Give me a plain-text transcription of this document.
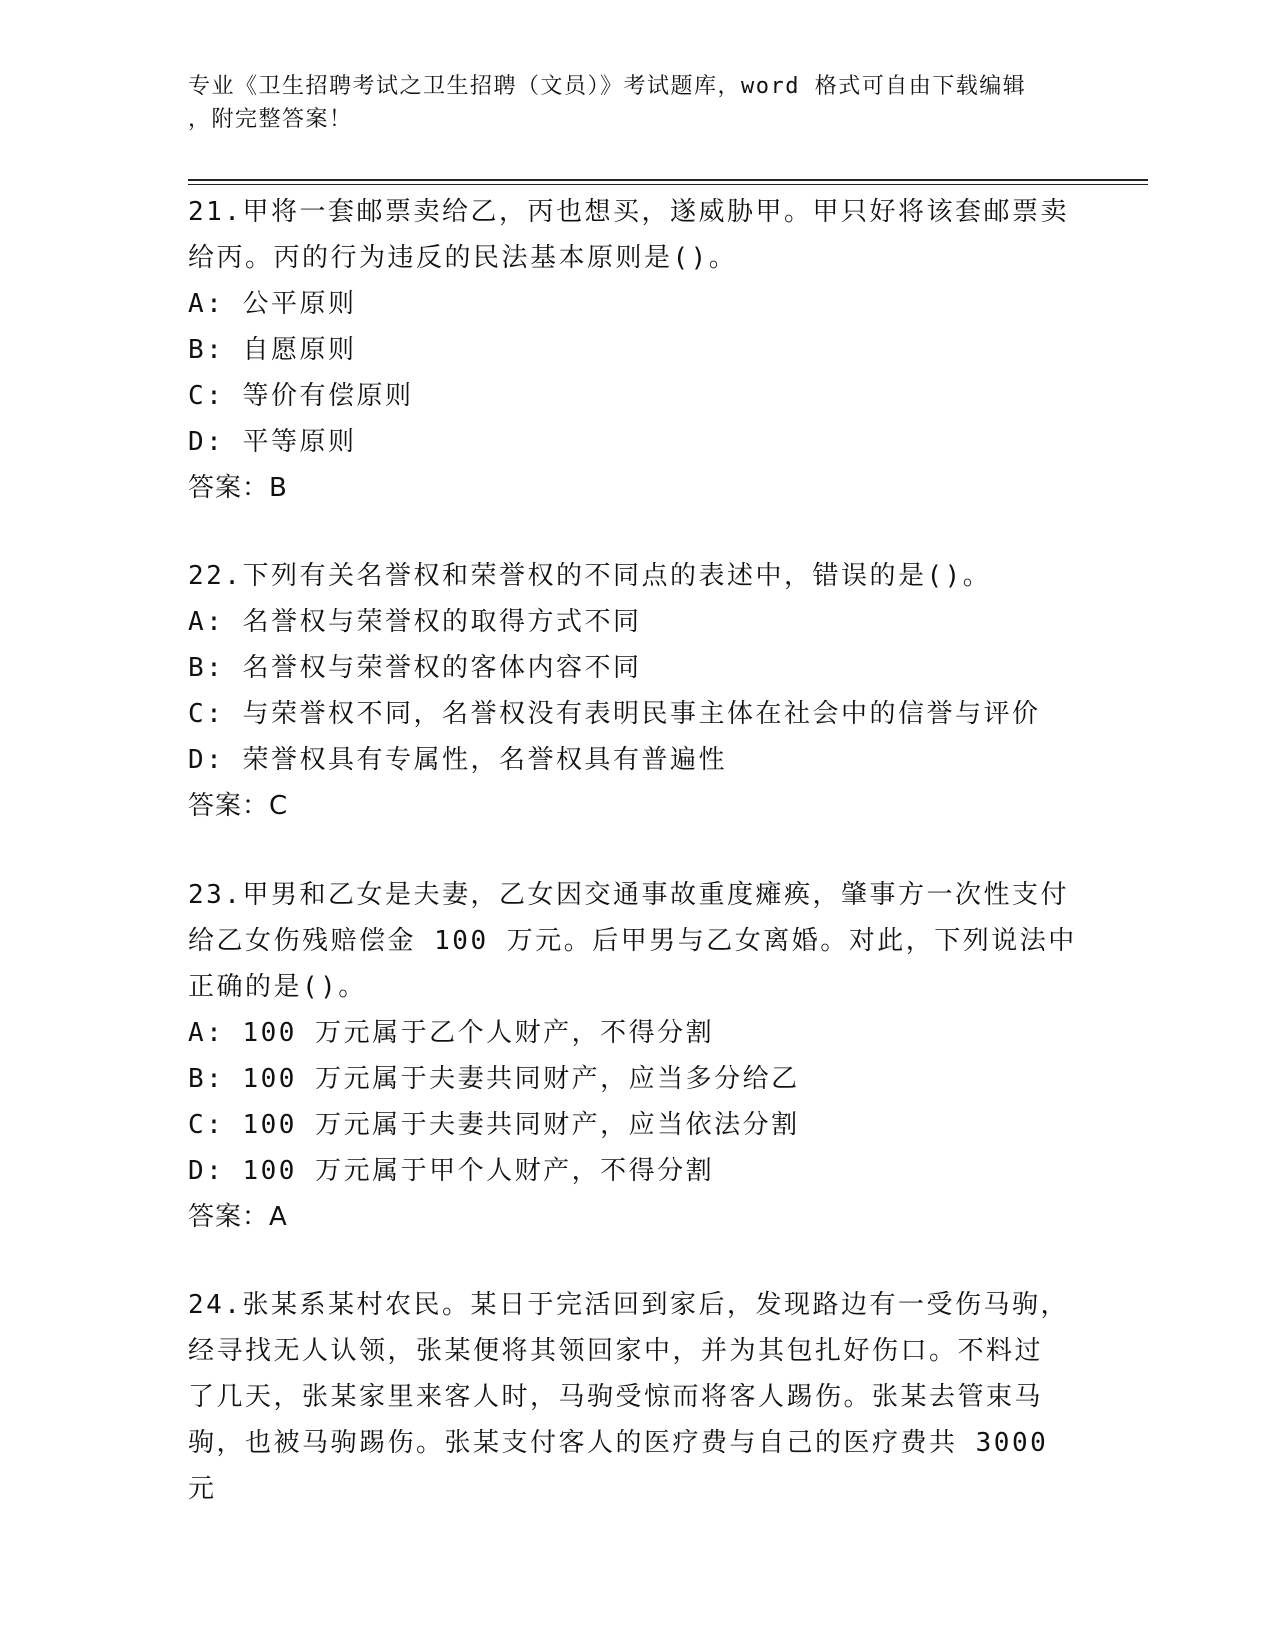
专业《卫生招聘考试之卫生招聘（文员）》考试题库，word 格式可自由下载编辑
，附完整答案！

21.甲将一套邮票卖给乙，丙也想买，遂威胁甲。甲只好将该套邮票卖

给丙。丙的行为违反的民法基本原则是()。

A: 公平原则

B: 自愿原则

C: 等价有偿原则

D: 平等原则

答案：B

22.下列有关名誉权和荣誉权的不同点的表述中，错误的是()。

A: 名誉权与荣誉权的取得方式不同

B: 名誉权与荣誉权的客体内容不同

C: 与荣誉权不同，名誉权没有表明民事主体在社会中的信誉与评价

D: 荣誉权具有专属性，名誉权具有普遍性

答案：C

23.甲男和乙女是夫妻，乙女因交通事故重度瘫痪，肇事方一次性支付

给乙女伤残赔偿金 100 万元。后甲男与乙女离婚。对此，下列说法中

正确的是()。

A: 100 万元属于乙个人财产，不得分割

B: 100 万元属于夫妻共同财产，应当多分给乙

C: 100 万元属于夫妻共同财产，应当依法分割

D: 100 万元属于甲个人财产，不得分割

答案：A

24.张某系某村农民。某日于完活回到家后，发现路边有一受伤马驹，

经寻找无人认领，张某便将其领回家中，并为其包扎好伤口。不料过

了几天，张某家里来客人时，马驹受惊而将客人踢伤。张某去管束马

驹，也被马驹踢伤。张某支付客人的医疗费与自己的医疗费共 3000 元
